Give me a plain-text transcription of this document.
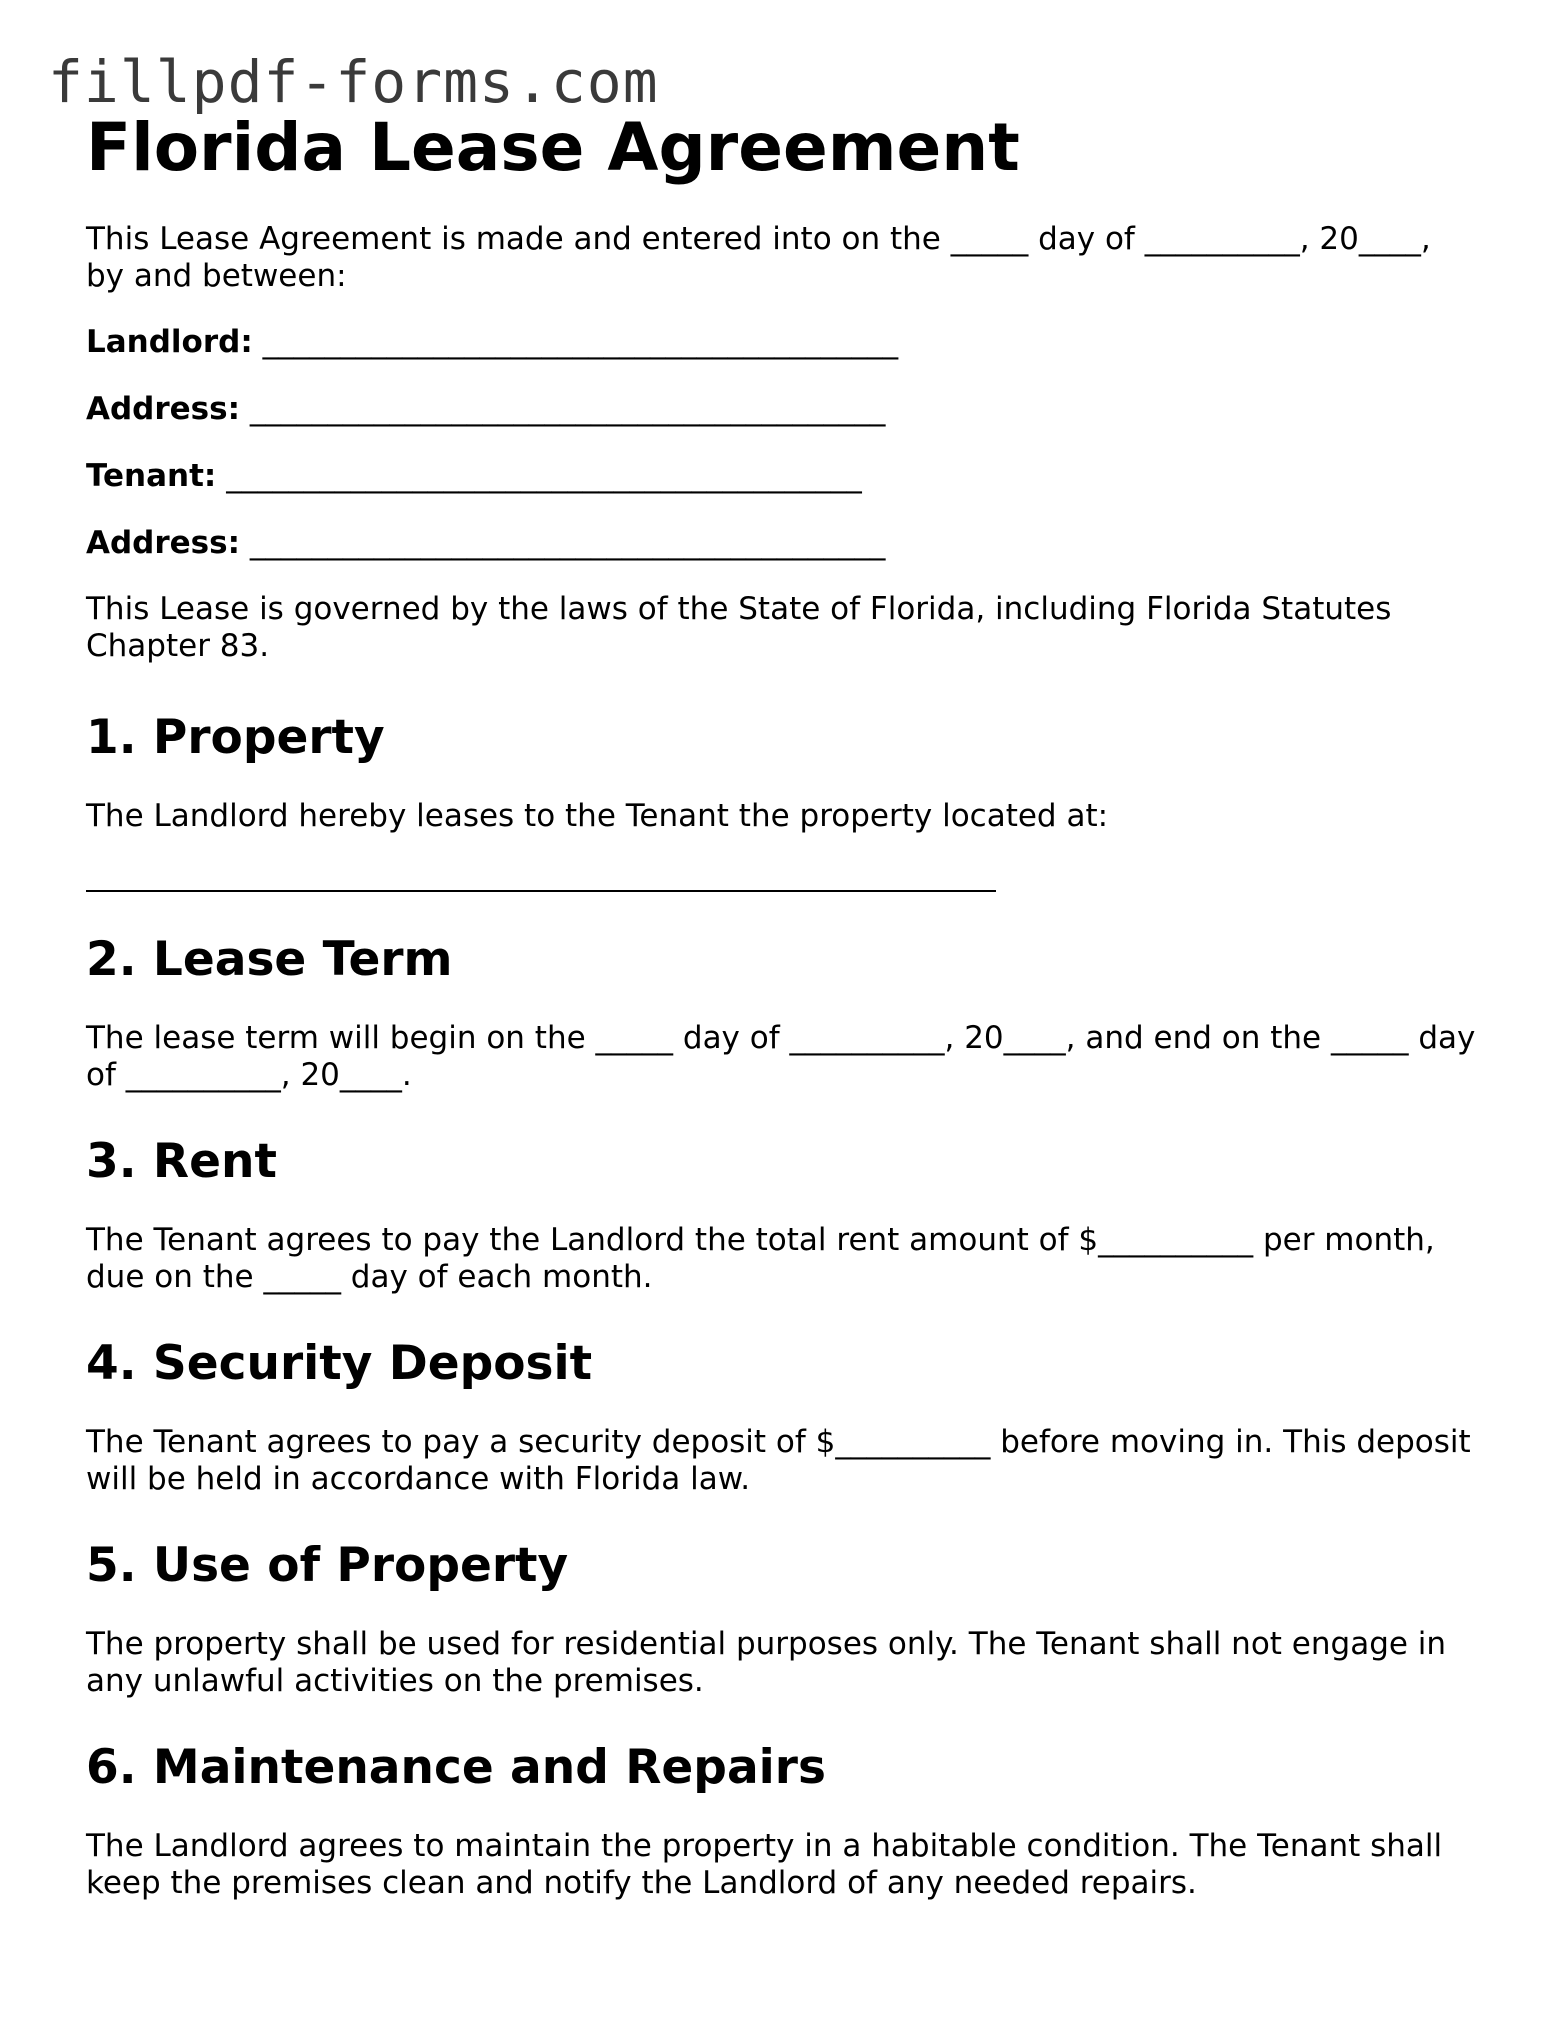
fillpdf-forms.com
Florida Lease Agreement

This Lease Agreement is made and entered into on the _____ day of __________, 20____, by and between:

Landlord: _________________________________________
Address: _________________________________________
Tenant: _________________________________________
Address: _________________________________________

This Lease is governed by the laws of the State of Florida, including Florida Statutes Chapter 83.

1. Property

The Landlord hereby leases to the Tenant the property located at:

2. Lease Term

The lease term will begin on the _____ day of __________, 20____, and end on the _____ day of __________, 20____.

3. Rent

The Tenant agrees to pay the Landlord the total rent amount of $__________ per month, due on the _____ day of each month.

4. Security Deposit

The Tenant agrees to pay a security deposit of $__________ before moving in. This deposit will be held in accordance with Florida law.

5. Use of Property

The property shall be used for residential purposes only. The Tenant shall not engage in any unlawful activities on the premises.

6. Maintenance and Repairs

The Landlord agrees to maintain the property in a habitable condition. The Tenant shall keep the premises clean and notify the Landlord of any needed repairs.
